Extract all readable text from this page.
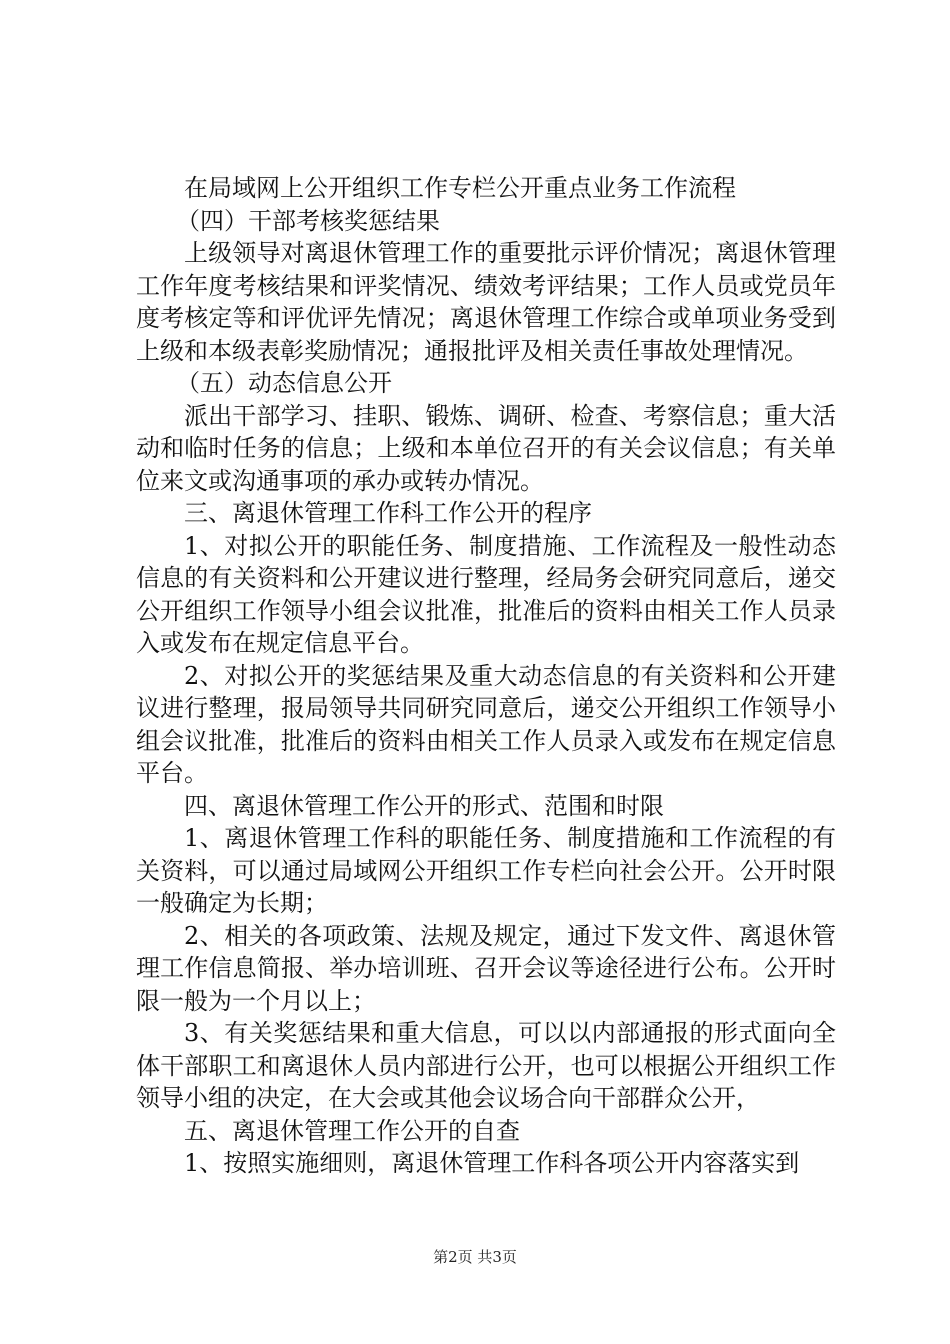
在局域网上公开组织工作专栏公开重点业务工作流程

（四）干部考核奖惩结果

上级领导对离退休管理工作的重要批示评价情况；离退休管理工作年度考核结果和评奖情况、绩效考评结果；工作人员或党员年度考核定等和评优评先情况；离退休管理工作综合或单项业务受到上级和本级表彰奖励情况；通报批评及相关责任事故处理情况。

（五）动态信息公开

派出干部学习、挂职、锻炼、调研、检查、考察信息；重大活动和临时任务的信息；上级和本单位召开的有关会议信息；有关单位来文或沟通事项的承办或转办情况。

三、离退休管理工作科工作公开的程序

1、对拟公开的职能任务、制度措施、工作流程及一般性动态信息的有关资料和公开建议进行整理，经局务会研究同意后，递交公开组织工作领导小组会议批准，批准后的资料由相关工作人员录入或发布在规定信息平台。

2、对拟公开的奖惩结果及重大动态信息的有关资料和公开建议进行整理，报局领导共同研究同意后，递交公开组织工作领导小组会议批准，批准后的资料由相关工作人员录入或发布在规定信息平台。

四、离退休管理工作公开的形式、范围和时限

1、离退休管理工作科的职能任务、制度措施和工作流程的有关资料，可以通过局域网公开组织工作专栏向社会公开。公开时限一般确定为长期；

2、相关的各项政策、法规及规定，通过下发文件、离退休管理工作信息简报、举办培训班、召开会议等途径进行公布。公开时限一般为一个月以上；

3、有关奖惩结果和重大信息，可以以内部通报的形式面向全体干部职工和离退休人员内部进行公开，也可以根据公开组织工作领导小组的决定，在大会或其他会议场合向干部群众公开，

五、离退休管理工作公开的自查

1、按照实施细则，离退休管理工作科各项公开内容落实到

第2页 共3页
